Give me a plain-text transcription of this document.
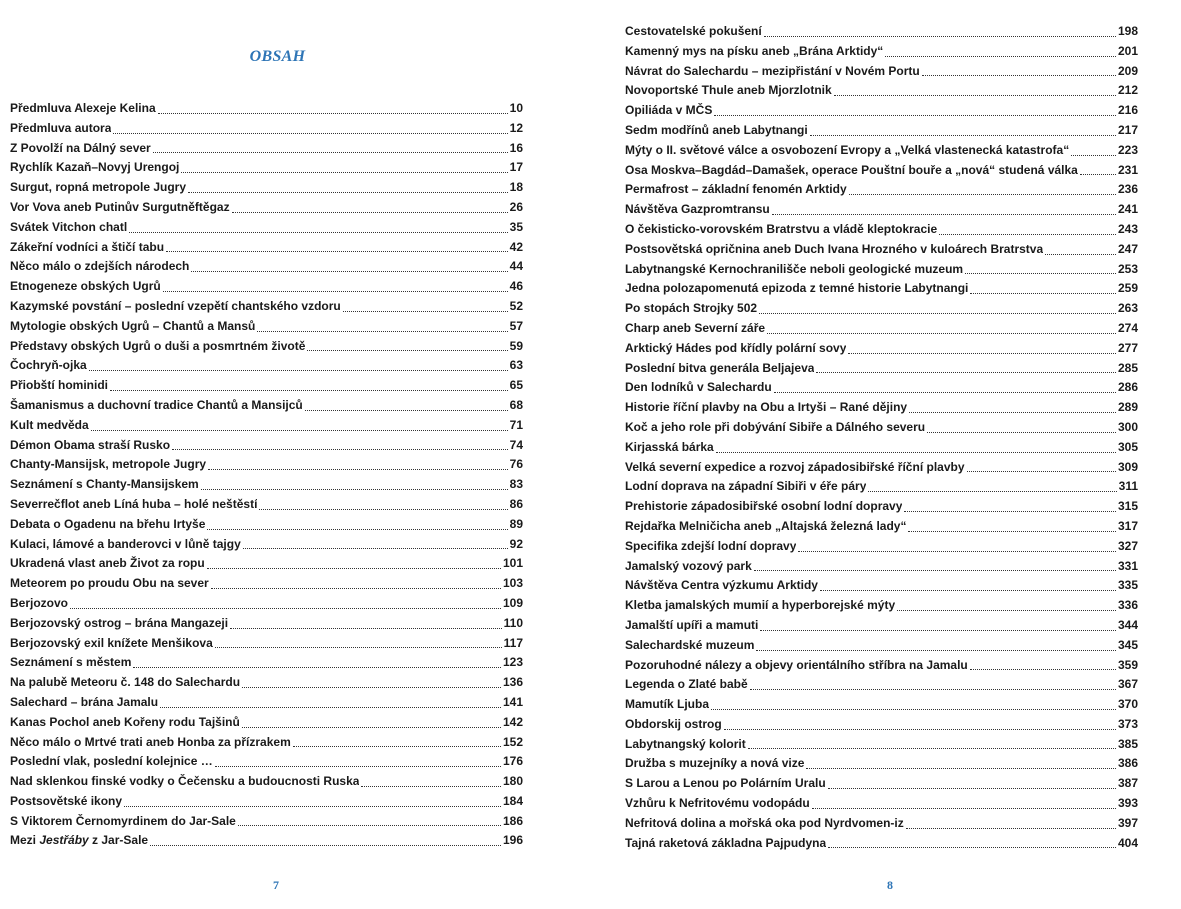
OBSAH
Předmluva Alexeje Kelina	10
Předmluva autora	12
Z Povolží na Dálný sever	16
Rychlík Kazaň–Novyj Urengoj	17
Surgut, ropná metropole Jugry	18
Vor Vova aneb Putinův Surgutněftěgaz	26
Svátek Vitchon chatl	35
Zákeřní vodníci a štičí tabu	42
Něco málo o zdejších národech	44
Etnogeneze obských Ugrů	46
Kazymské povstání – poslední vzepětí chantského vzdoru	52
Mytologie obských Ugrů – Chantů a Mansů	57
Představy obských Ugrů o duši a posmrtném životě	59
Čochryň-ojka	63
Přiobští hominidi	65
Šamanismus a duchovní tradice Chantů a Mansijců	68
Kult medvěda	71
Démon Obama straší Rusko	74
Chanty-Mansijsk, metropole Jugry	76
Seznámení s Chanty-Mansijskem	83
Severrečflot aneb Líná huba – holé neštěstí	86
Debata o Ogadenu na břehu Irtyše	89
Kulaci, lámové a banderovci v lůně tajgy	92
Ukradená vlast aneb Život za ropu	101
Meteorem po proudu Obu na sever	103
Berjozovo	109
Berjozovský ostrog – brána Mangazeji	110
Berjozovský exil knížete Menšikova	117
Seznámení s městem	123
Na palubě Meteoru č. 148 do Salechardu	136
Salechard – brána Jamalu	141
Kanas Pochol aneb Kořeny rodu Tajšinů	142
Něco málo o Mrtvé trati aneb Honba za přízrakem	152
Poslední vlak, poslední kolejnice …	176
Nad sklenkou finské vodky o Čečensku a budoucnosti Ruska	180
Postsovětské ikony	184
S Viktorem Černomyrdinem do Jar-Sale	186
Mezi Jestřáby z Jar-Sale	196
7
Cestovatelské pokušení	198
Kamenný mys na písku aneb „Brána Arktidy“	201
Návrat do Salechardu – mezipřistání v Novém Portu	209
Novoportské Thule aneb Mjorzlotnik	212
Opiliáda v MČS	216
Sedm modřínů aneb Labytnangi	217
Mýty o II. světové válce a osvobození Evropy a „Velká vlastenecká katastrofa“	223
Osa Moskva–Bagdád–Damašek, operace Pouštní bouře a „nová“ studená válka	231
Permafrost – základní fenomén Arktidy	236
Návštěva Gazpromtransu	241
O čekisticko-vorovském Bratrstvu a vládě kleptokracie	243
Postsovětská opričnina aneb Duch Ivana Hrozného v kuloárech Bratrstva	247
Labytnangské Kernochranilišče neboli geologické muzeum	253
Jedna polozapomenutá epizoda z temné historie Labytnangi	259
Po stopách Strojky 502	263
Charp aneb Severní záře	274
Arktický Hádes pod křídly polární sovy	277
Poslední bitva generála Beljajeva	285
Den lodníků v Salechardu	286
Historie říční plavby na Obu a Irtyši – Rané dějiny	289
Koč a jeho role při dobývání Sibiře a Dálného severu	300
Kirjasská bárka	305
Velká severní expedice a rozvoj západosibiřské říční plavby	309
Lodní doprava na západní Sibiři v éře páry	311
Prehistorie západosibiřské osobní lodní dopravy	315
Rejdařka Melničicha aneb „Altajská železná lady“	317
Specifika zdejší lodní dopravy	327
Jamalský vozový park	331
Návštěva Centra výzkumu Arktidy	335
Kletba jamalských mumií a hyperborejské mýty	336
Jamalští upíři a mamuti	344
Salechardské muzeum	345
Pozoruhodné nálezy a objevy orientálního stříbra na Jamalu	359
Legenda o Zlaté babě	367
Mamutík Ljuba	370
Obdorskij ostrog	373
Labytnangský kolorit	385
Družba s muzejníky a nová vize	386
S Larou a Lenou po Polárním Uralu	387
Vzhůru k Nefritovému vodopádu	393
Nefritová dolina a mořská oka pod Nyrdvomen-iz	397
Tajná raketová základna Pajpudyna	404
8
